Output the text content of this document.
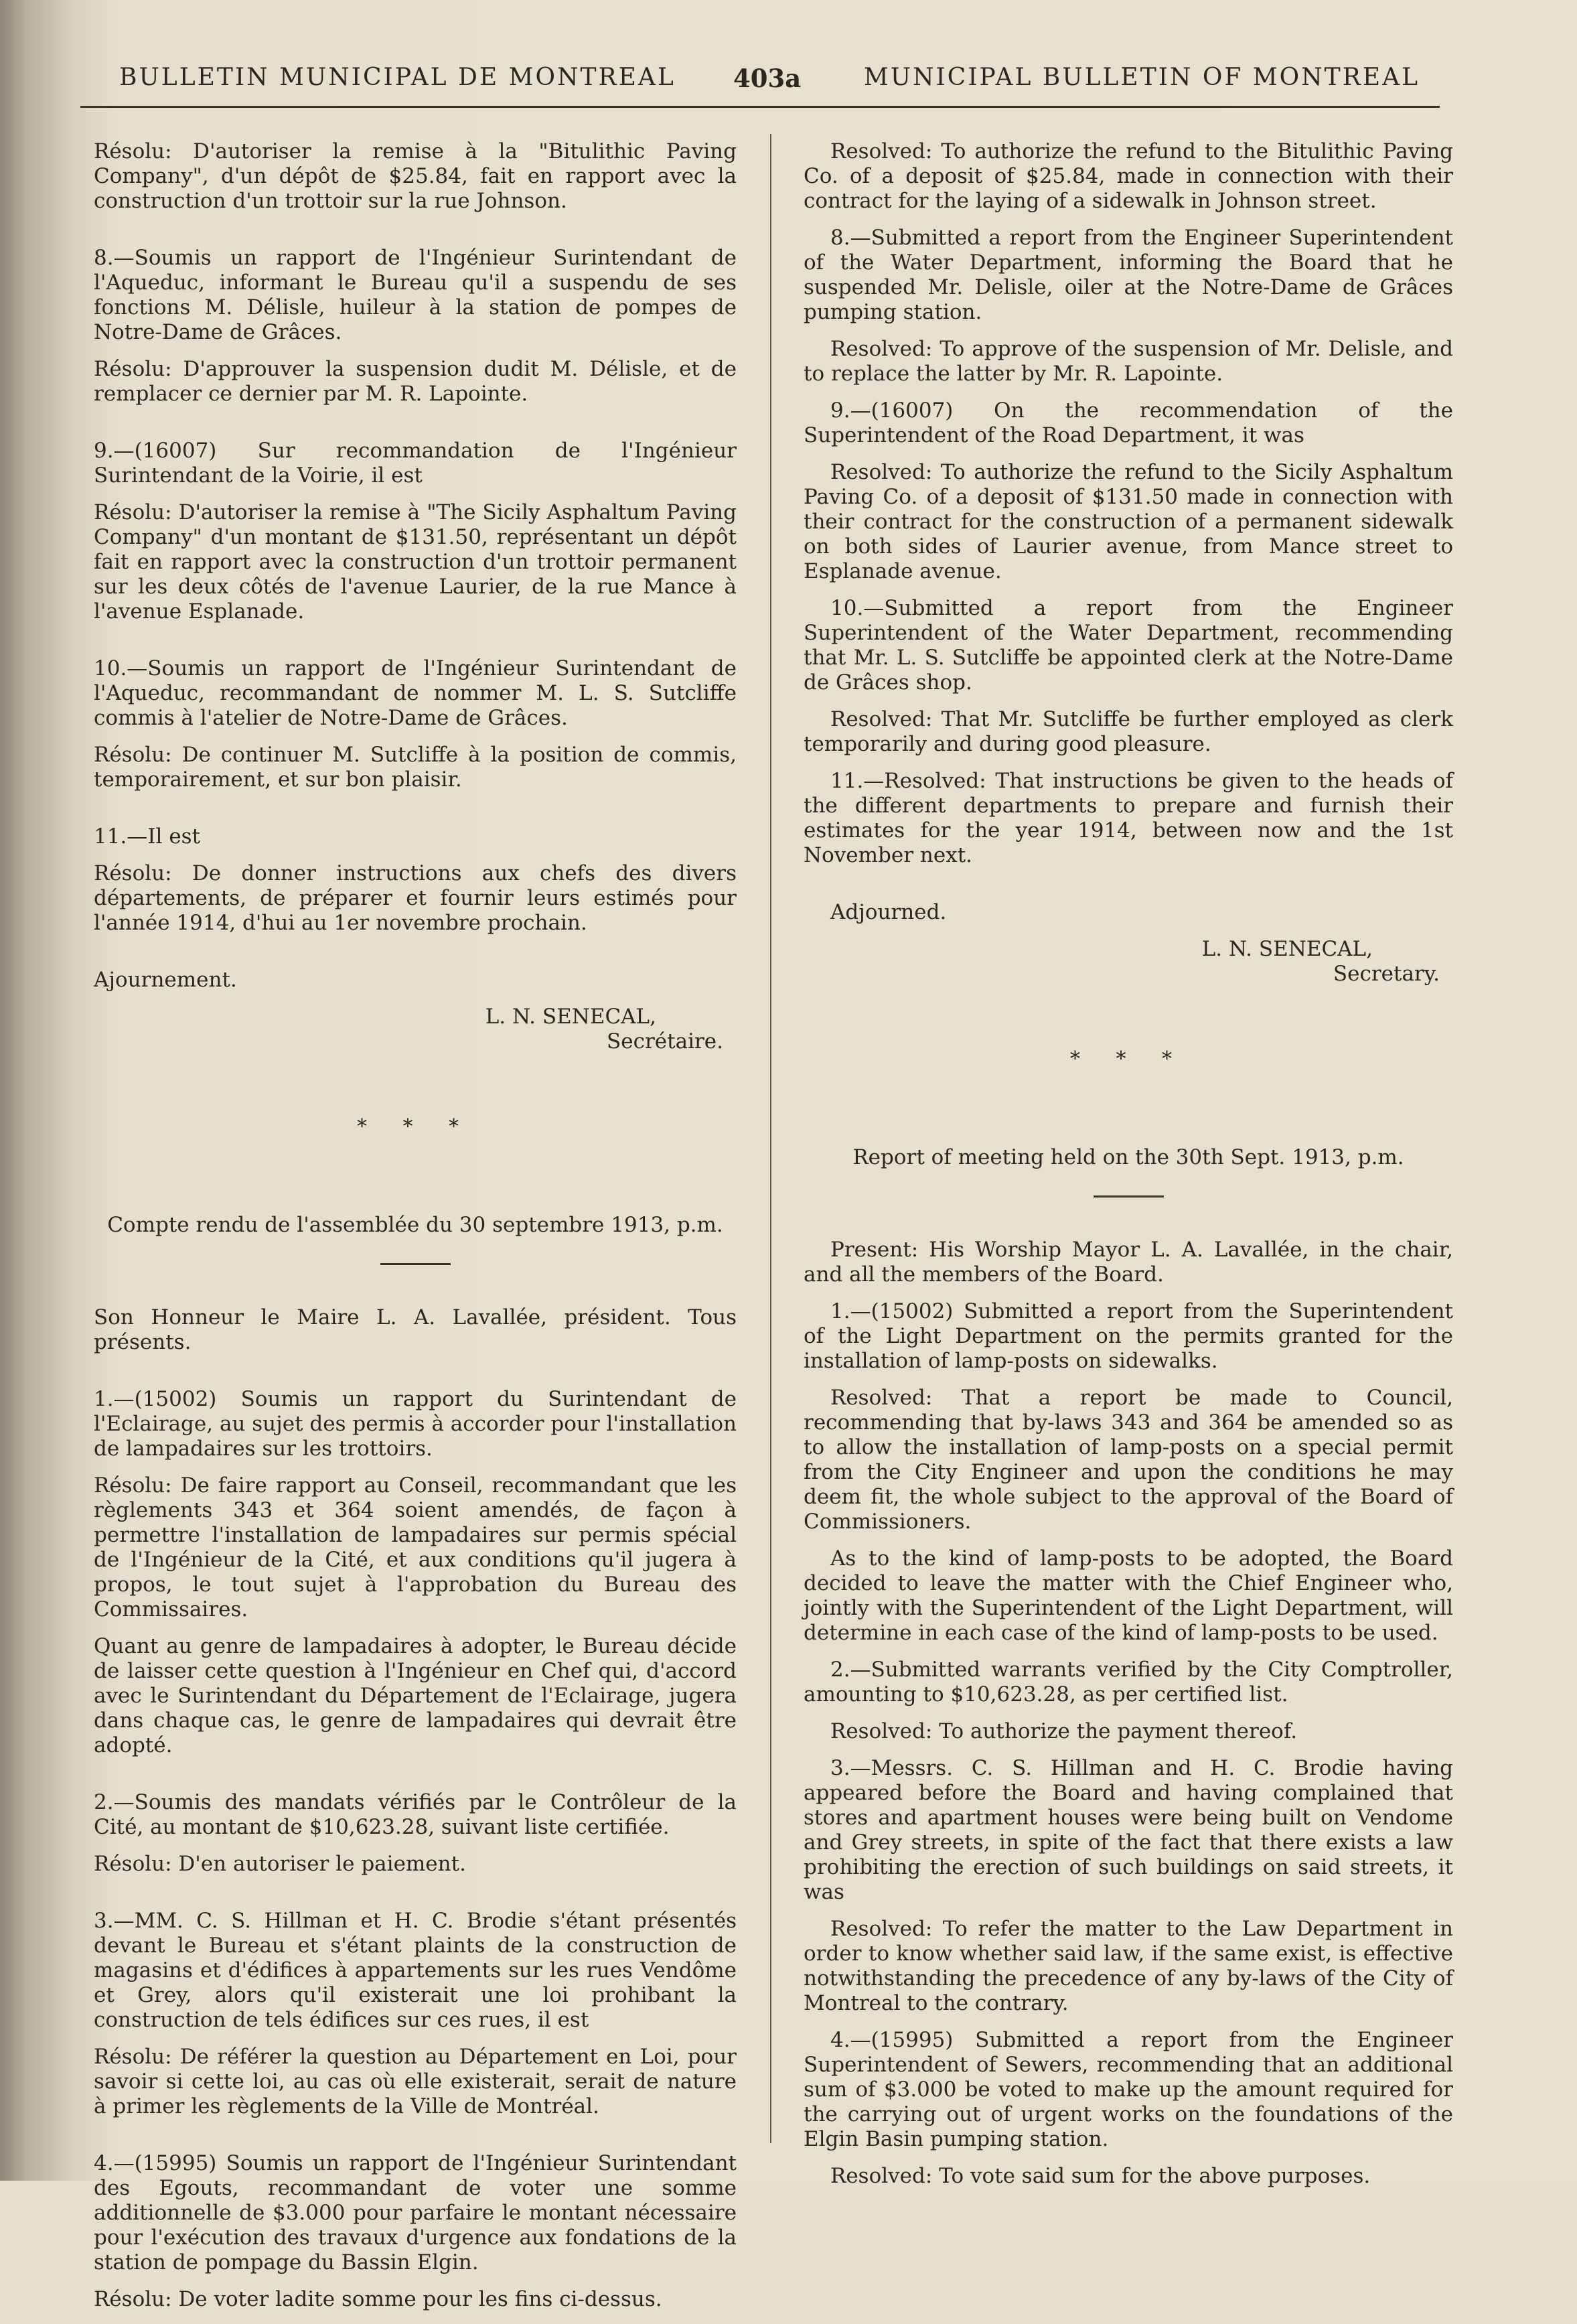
BULLETIN MUNICIPAL DE MONTREAL 403a	MUNICIPAL BULLETIN OF MONTREAL

Résolu: D'autoriser la remise à la "Bitulithic Paving Company", d'un dépôt de $25.84, fait en rapport avec la construction d'un trottoir sur la rue Johnson.

8.—Soumis un rapport de l'Ingénieur Surintendant de l'Aqueduc, informant le Bureau qu'il a suspendu de ses fonctions M. Délisle, huileur à la station de pompes de Notre-Dame de Grâces.

Résolu: D'approuver la suspension dudit M. Délisle, et de remplacer ce dernier par M. R. Lapointe.

9.—(16007) Sur recommandation de l'Ingénieur Surintendant de la Voirie, il est

Résolu: D'autoriser la remise à "The Sicily Asphaltum Paving Company" d'un montant de $131.50, représentant un dépôt fait en rapport avec la construction d'un trottoir permanent sur les deux côtés de l'avenue Laurier, de la rue Mance à l'avenue Esplanade.

10.—Soumis un rapport de l'Ingénieur Surintendant de l'Aqueduc, recommandant de nommer M. L. S. Sutcliffe commis à l'atelier de Notre-Dame de Grâces.

Résolu: De continuer M. Sutcliffe à la position de commis, temporairement, et sur bon plaisir.

11.—Il est

Résolu: De donner instructions aux chefs des divers départements, de préparer et fournir leurs estimés pour l'année 1914, d'hui au 1er novembre prochain.

Ajournement.

L. N. SENECAL,
Secrétaire.
* * *
Compte rendu de l'assemblée du 30 septembre 1913, p.m.

Son Honneur le Maire L. A. Lavallée, président. Tous présents.

1.—(15002) Soumis un rapport du Surintendant de l'Eclairage, au sujet des permis à accorder pour l'installation de lampadaires sur les trottoirs.

Résolu: De faire rapport au Conseil, recommandant que les règlements 343 et 364 soient amendés, de façon à permettre l'installation de lampadaires sur permis spécial de l'Ingénieur de la Cité, et aux conditions qu'il jugera à propos, le tout sujet à l'approbation du Bureau des Commissaires.

Quant au genre de lampadaires à adopter, le Bureau décide de laisser cette question à l'Ingénieur en Chef qui, d'accord avec le Surintendant du Département de l'Eclairage, jugera dans chaque cas, le genre de lampadaires qui devrait être adopté.

2.—Soumis des mandats vérifiés par le Contrôleur de la Cité, au montant de $10,623.28, suivant liste certifiée.

Résolu: D'en autoriser le paiement.

3.—MM. C. S. Hillman et H. C. Brodie s'étant présentés devant le Bureau et s'étant plaints de la construction de magasins et d'édifices à appartements sur les rues Vendôme et Grey, alors qu'il existerait une loi prohibant la construction de tels édifices sur ces rues, il est

Résolu: De référer la question au Département en Loi, pour savoir si cette loi, au cas où elle existerait, serait de nature à primer les règlements de la Ville de Montréal.

4.—(15995) Soumis un rapport de l'Ingénieur Surintendant des Egouts, recommandant de voter une somme additionnelle de $3.000 pour parfaire le montant nécessaire pour l'exécution des travaux d'urgence aux fondations de la station de pompage du Bassin Elgin.

Résolu: De voter ladite somme pour les fins ci-dessus.

Resolved: To authorize the refund to the Bitulithic Paving Co. of a deposit of $25.84, made in connection with their contract for the laying of a sidewalk in Johnson street.

8.—Submitted a report from the Engineer Superintendent of the Water Department, informing the Board that he suspended Mr. Delisle, oiler at the Notre-Dame de Grâces pumping station.

Resolved: To approve of the suspension of Mr. Delisle, and to replace the latter by Mr. R. Lapointe.

9.—(16007) On the recommendation of the Superintendent of the Road Department, it was

Resolved: To authorize the refund to the Sicily Asphaltum Paving Co. of a deposit of $131.50 made in connection with their contract for the construction of a permanent sidewalk on both sides of Laurier avenue, from Mance street to Esplanade avenue.

10.—Submitted a report from the Engineer Superintendent of the Water Department, recommending that Mr. L. S. Sutcliffe be appointed clerk at the Notre-Dame de Grâces shop.

Resolved: That Mr. Sutcliffe be further employed as clerk temporarily and during good pleasure.

11.—Resolved: That instructions be given to the heads of the different departments to prepare and furnish their estimates for the year 1914, between now and the 1st November next.

Adjourned.

L. N. SENECAL,
Secretary.
* * *
Report of meeting held on the 30th Sept. 1913, p.m.

Present: His Worship Mayor L. A. Lavallée, in the chair, and all the members of the Board.

1.—(15002) Submitted a report from the Superintendent of the Light Department on the permits granted for the installation of lamp-posts on sidewalks.

Resolved: That a report be made to Council, recommending that by-laws 343 and 364 be amended so as to allow the installation of lamp-posts on a special permit from the City Engineer and upon the conditions he may deem fit, the whole subject to the approval of the Board of Commissioners.

As to the kind of lamp-posts to be adopted, the Board decided to leave the matter with the Chief Engineer who, jointly with the Superintendent of the Light Department, will determine in each case of the kind of lamp-posts to be used.

2.—Submitted warrants verified by the City Comptroller, amounting to $10,623.28, as per certified list.

Resolved: To authorize the payment thereof.

3.—Messrs. C. S. Hillman and H. C. Brodie having appeared before the Board and having complained that stores and apartment houses were being built on Vendome and Grey streets, in spite of the fact that there exists a law prohibiting the erection of such buildings on said streets, it was

Resolved: To refer the matter to the Law Department in order to know whether said law, if the same exist, is effective notwithstanding the precedence of any by-laws of the City of Montreal to the contrary.

4.—(15995) Submitted a report from the Engineer Superintendent of Sewers, recommending that an additional sum of $3.000 be voted to make up the amount required for the carrying out of urgent works on the foundations of the Elgin Basin pumping station.

Resolved: To vote said sum for the above purposes.
